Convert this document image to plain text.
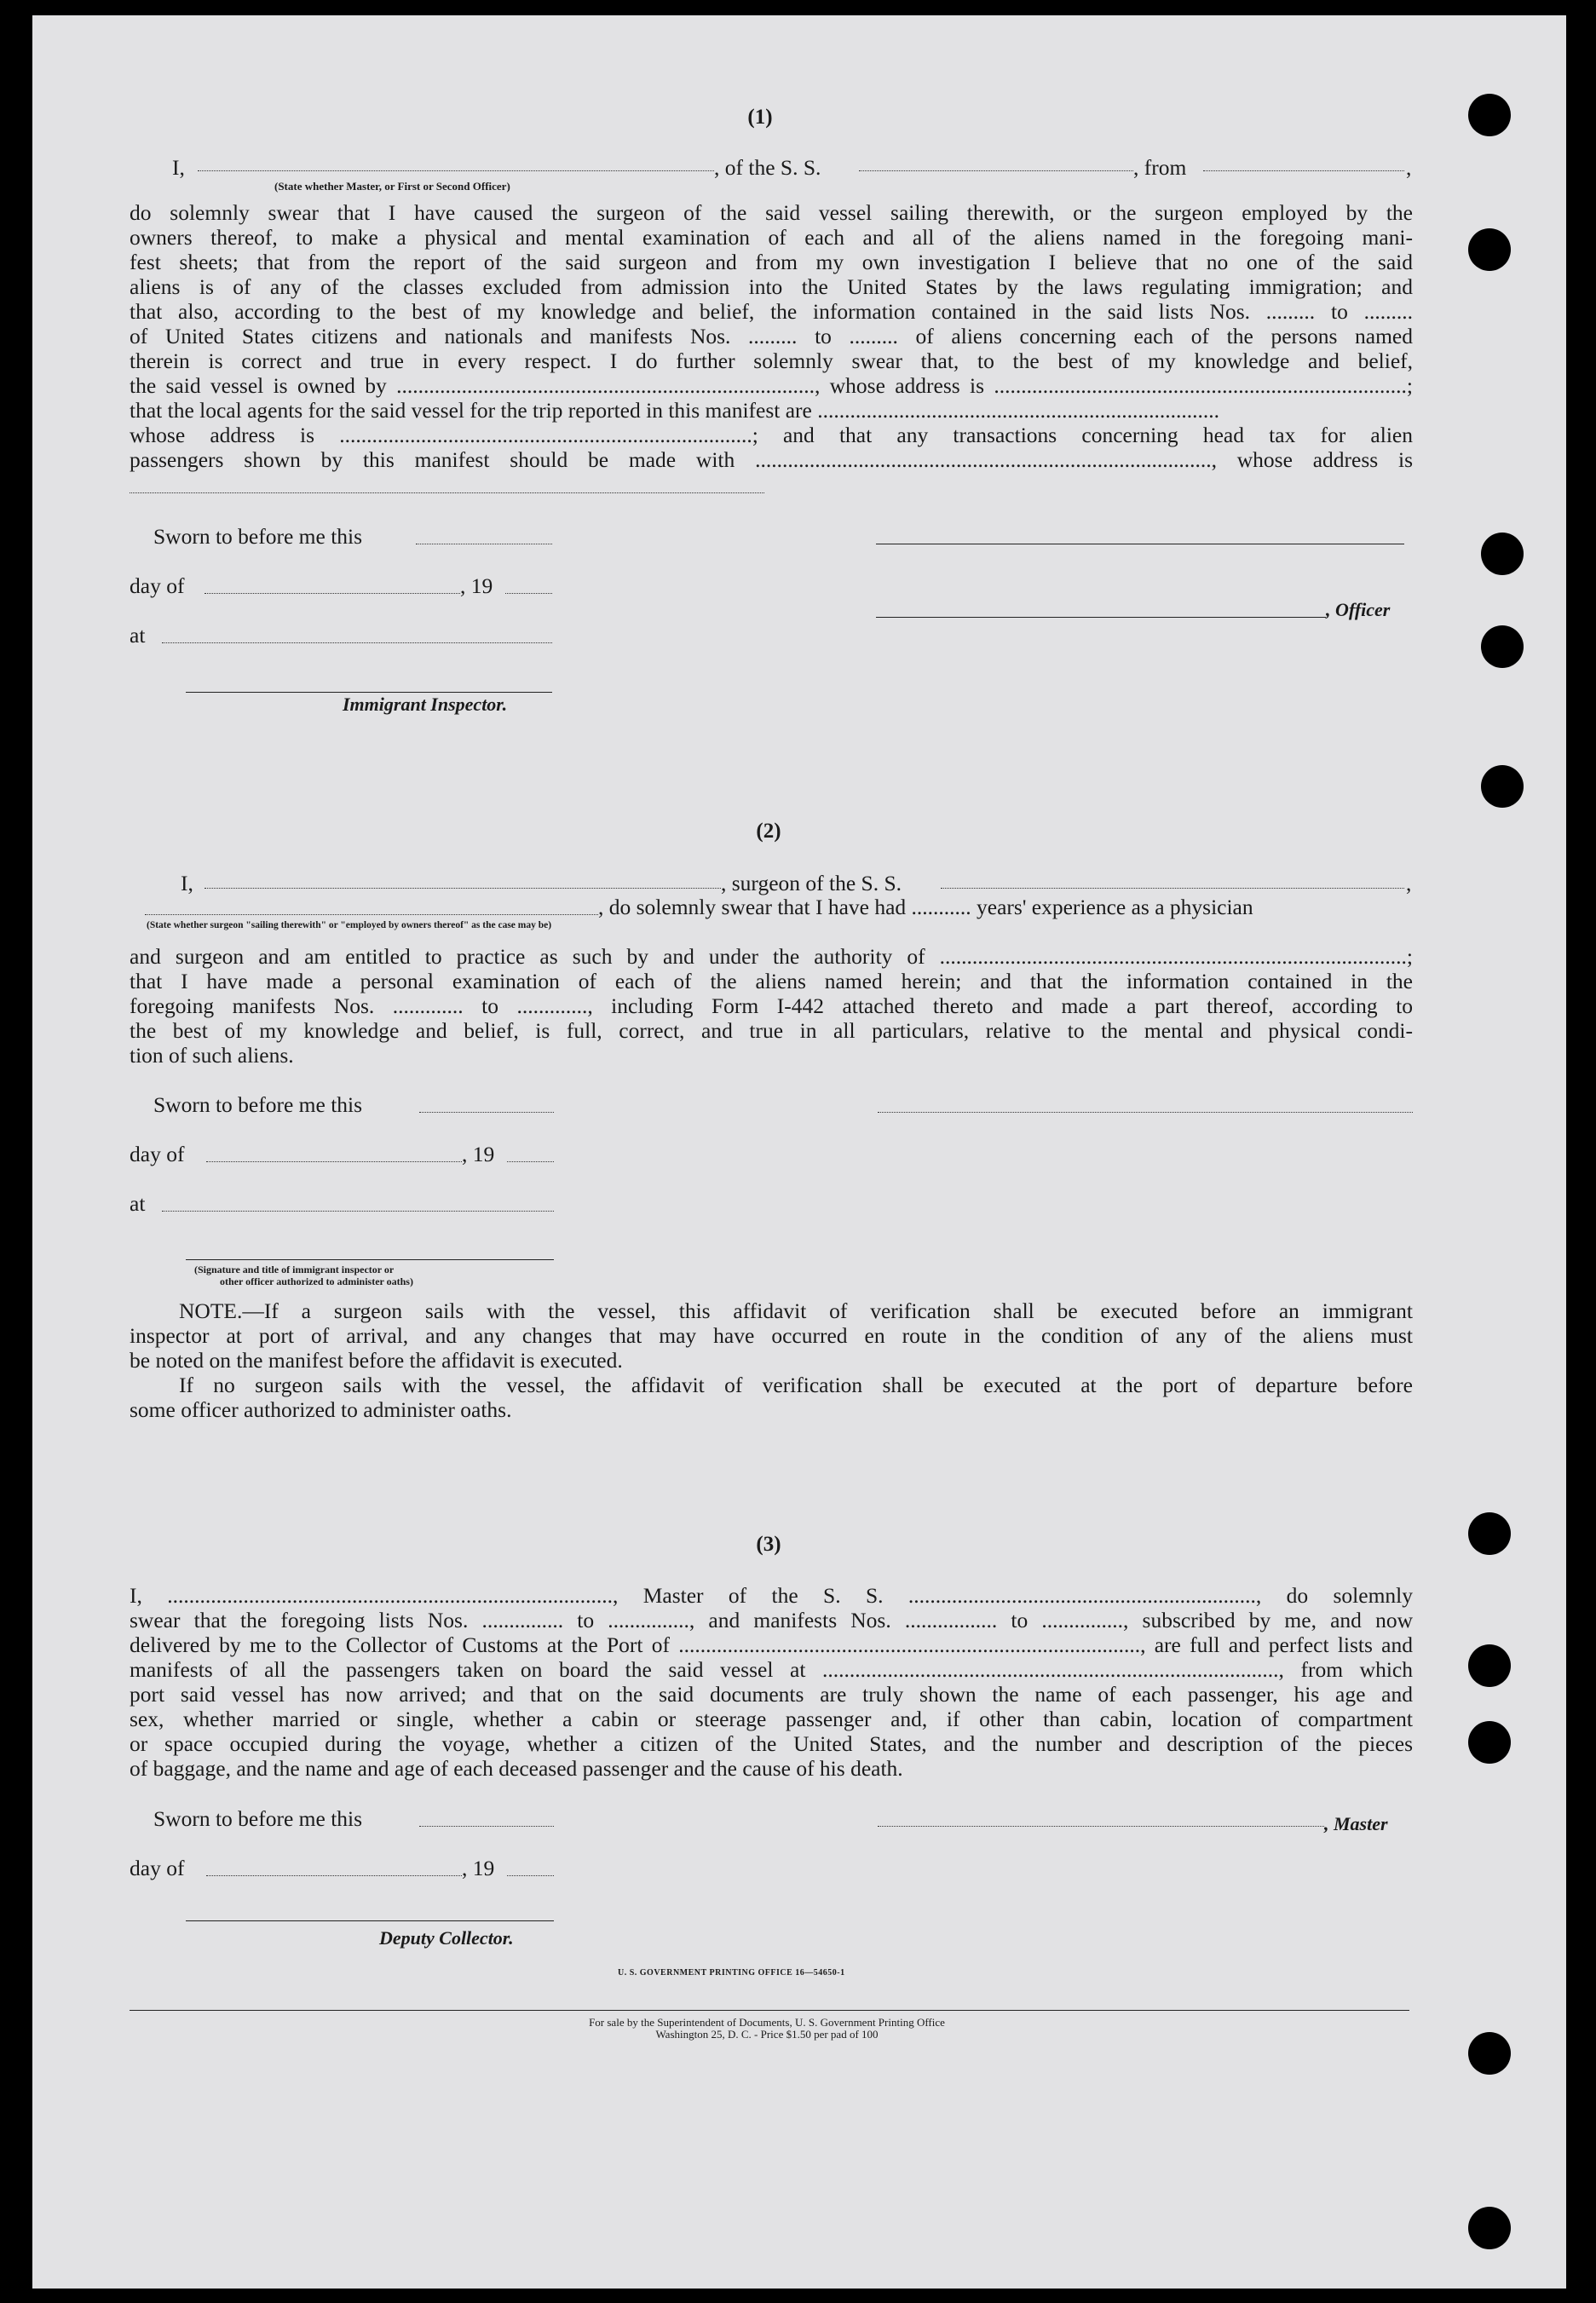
(1)
I,	, of the S. S.	, from	,
(State whether Master, or First or Second Officer)
do solemnly swear that I have caused the surgeon of the said vessel sailing therewith, or the surgeon employed by the
owners thereof, to make a physical and mental examination of each and all of the aliens named in the foregoing mani-
fest sheets; that from the report of the said surgeon and from my own investigation I believe that no one of the said
aliens is of any of the classes excluded from admission into the United States by the laws regulating immigration; and
that also, according to the best of my knowledge and belief, the information contained in the said lists Nos. ......... to .........
of United States citizens and nationals and manifests Nos. ......... to ......... of aliens concerning each of the persons named
therein is correct and true in every respect. I do further solemnly swear that, to the best of my knowledge and belief,
the said vessel is owned by ............................................................................., whose address is ............................................................................;
that the local agents for the said vessel for the trip reported in this manifest are ..........................................................................
whose address is ............................................................................; and that any transactions concerning head tax for alien
passengers shown by this manifest should be made with ...................................................................................., whose address is
Sworn to before me this
day of	, 19
, Officer
at
Immigrant Inspector.
(2)
I,	, surgeon of the S. S.	,
, do solemnly swear that I have had ........... years' experience as a physician
(State whether surgeon "sailing therewith" or "employed by owners thereof" as the case may be)
and surgeon and am entitled to practice as such by and under the authority of ......................................................................................;
that I have made a personal examination of each of the aliens named herein; and that the information contained in the
foregoing manifests Nos. ............. to ............., including Form I-442 attached thereto and made a part thereof, according to
the best of my knowledge and belief, is full, correct, and true in all particulars, relative to the mental and physical condi-
tion of such aliens.
Sworn to before me this
day of	, 19
at
(Signature and title of immigrant inspector or
other officer authorized to administer oaths)
NOTE.—If a surgeon sails with the vessel, this affidavit of verification shall be executed before an immigrant
inspector at port of arrival, and any changes that may have occurred en route in the condition of any of the aliens must
be noted on the manifest before the affidavit is executed.
If no surgeon sails with the vessel, the affidavit of verification shall be executed at the port of departure before
some officer authorized to administer oaths.
(3)
I, .................................................................................., Master of the S. S. ................................................................, do solemnly
swear that the foregoing lists Nos. ............... to ..............., and manifests Nos. ................. to ..............., subscribed by me, and now
delivered by me to the Collector of Customs at the Port of ....................................................................................., are full and perfect lists and
manifests of all the passengers taken on board the said vessel at ...................................................................................., from which
port said vessel has now arrived; and that on the said documents are truly shown the name of each passenger, his age and
sex, whether married or single, whether a cabin or steerage passenger and, if other than cabin, location of compartment
or space occupied during the voyage, whether a citizen of the United States, and the number and description of the pieces
of baggage, and the name and age of each deceased passenger and the cause of his death.
Sworn to before me this	, Master
day of	, 19
Deputy Collector.
U. S. GOVERNMENT PRINTING OFFICE 16—54650-1
For sale by the Superintendent of Documents, U. S. Government Printing Office
Washington 25, D. C. - Price $1.50 per pad of 100
